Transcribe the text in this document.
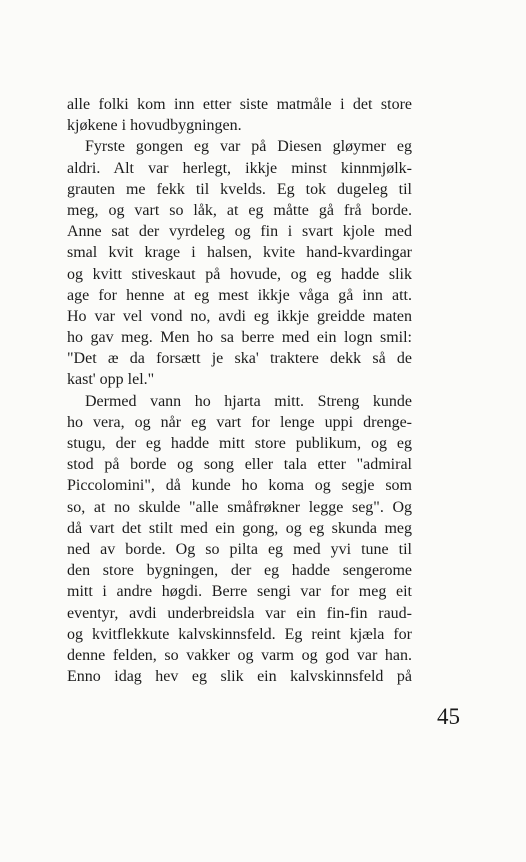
alle folki kom inn etter siste matmåle i det store
kjøkene i hovudbygningen.
Fyrste gongen eg var på Diesen gløymer eg
aldri. Alt var herlegt, ikkje minst kinnmjølk-
grauten me fekk til kvelds. Eg tok dugeleg til
meg, og vart so låk, at eg måtte gå frå borde.
Anne sat der vyrdeleg og fin i svart kjole med
smal kvit krage i halsen, kvite hand-kvardingar
og kvitt stiveskaut på hovude, og eg hadde slik
age for henne at eg mest ikkje våga gå inn att.
Ho var vel vond no, avdi eg ikkje greidde maten
ho gav meg. Men ho sa berre med ein logn smil:
"Det æ da forsætt je ska' traktere dekk så de
kast' opp lel."
Dermed vann ho hjarta mitt. Streng kunde
ho vera, og når eg vart for lenge uppi drenge-
stugu, der eg hadde mitt store publikum, og eg
stod på borde og song eller tala etter "admiral
Piccolomini", då kunde ho koma og segje som
so, at no skulde "alle småfrøkner legge seg". Og
då vart det stilt med ein gong, og eg skunda meg
ned av borde. Og so pilta eg med yvi tune til
den store bygningen, der eg hadde sengerome
mitt i andre høgdi. Berre sengi var for meg eit
eventyr, avdi underbreidsla var ein fin-fin raud-
og kvitflekkute kalvskinnsfeld. Eg reint kjæla for
denne felden, so vakker og varm og god var han.
Enno idag hev eg slik ein kalvskinnsfeld på
45
